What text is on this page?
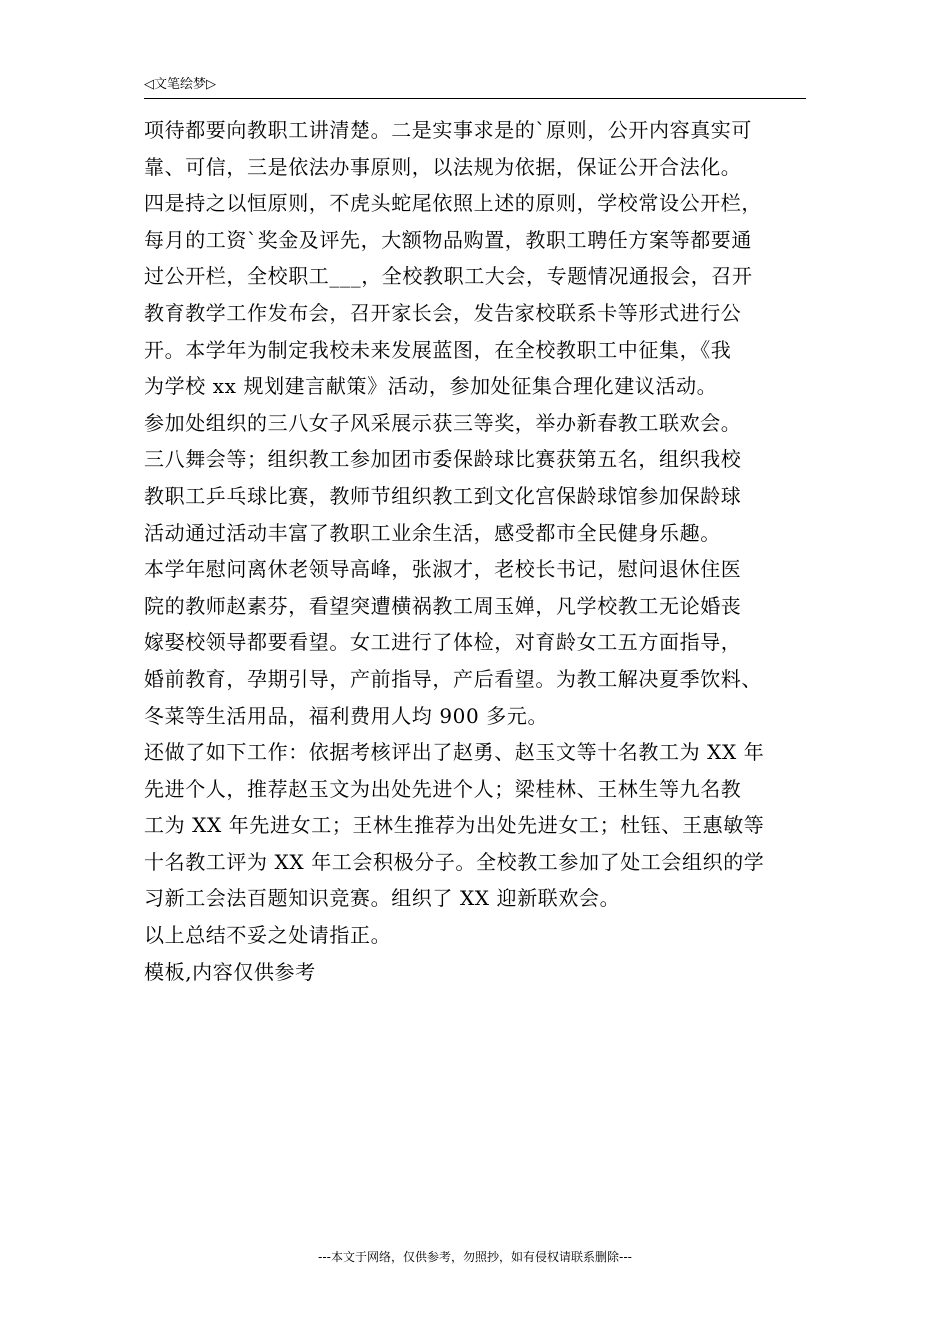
◁文笔绘梦▷
项待都要向教职工讲清楚。二是实事求是的`原则，公开内容真实可
靠、可信，三是依法办事原则，以法规为依据，保证公开合法化。
四是持之以恒原则，不虎头蛇尾依照上述的原则，学校常设公开栏，
每月的工资`奖金及评先，大额物品购置，教职工聘任方案等都要通
过公开栏，全校职工___，全校教职工大会，专题情况通报会，召开
教育教学工作发布会，召开家长会，发告家校联系卡等形式进行公
开。本学年为制定我校未来发展蓝图，在全校教职工中征集，《我
为学校 xx 规划建言献策》活动，参加处征集合理化建议活动。
参加处组织的三八女子风采展示获三等奖，举办新春教工联欢会。
三八舞会等；组织教工参加团市委保龄球比赛获第五名，组织我校
教职工乒乓球比赛，教师节组织教工到文化宫保龄球馆参加保龄球
活动通过活动丰富了教职工业余生活，感受都市全民健身乐趣。
本学年慰问离休老领导高峰，张淑才，老校长书记，慰问退休住医
院的教师赵素芬，看望突遭横祸教工周玉婵，凡学校教工无论婚丧
嫁娶校领导都要看望。女工进行了体检，对育龄女工五方面指导，
婚前教育，孕期引导，产前指导，产后看望。为教工解决夏季饮料、
冬菜等生活用品，福利费用人均 900 多元。
还做了如下工作：依据考核评出了赵勇、赵玉文等十名教工为 XX 年
先进个人，推荐赵玉文为出处先进个人；梁桂林、王林生等九名教
工为 XX 年先进女工；王林生推荐为出处先进女工；杜钰、王惠敏等
十名教工评为 XX 年工会积极分子。全校教工参加了处工会组织的学
习新工会法百题知识竞赛。组织了 XX 迎新联欢会。
以上总结不妥之处请指正。
模板,内容仅供参考
---本文于网络，仅供参考，勿照抄，如有侵权请联系删除---
